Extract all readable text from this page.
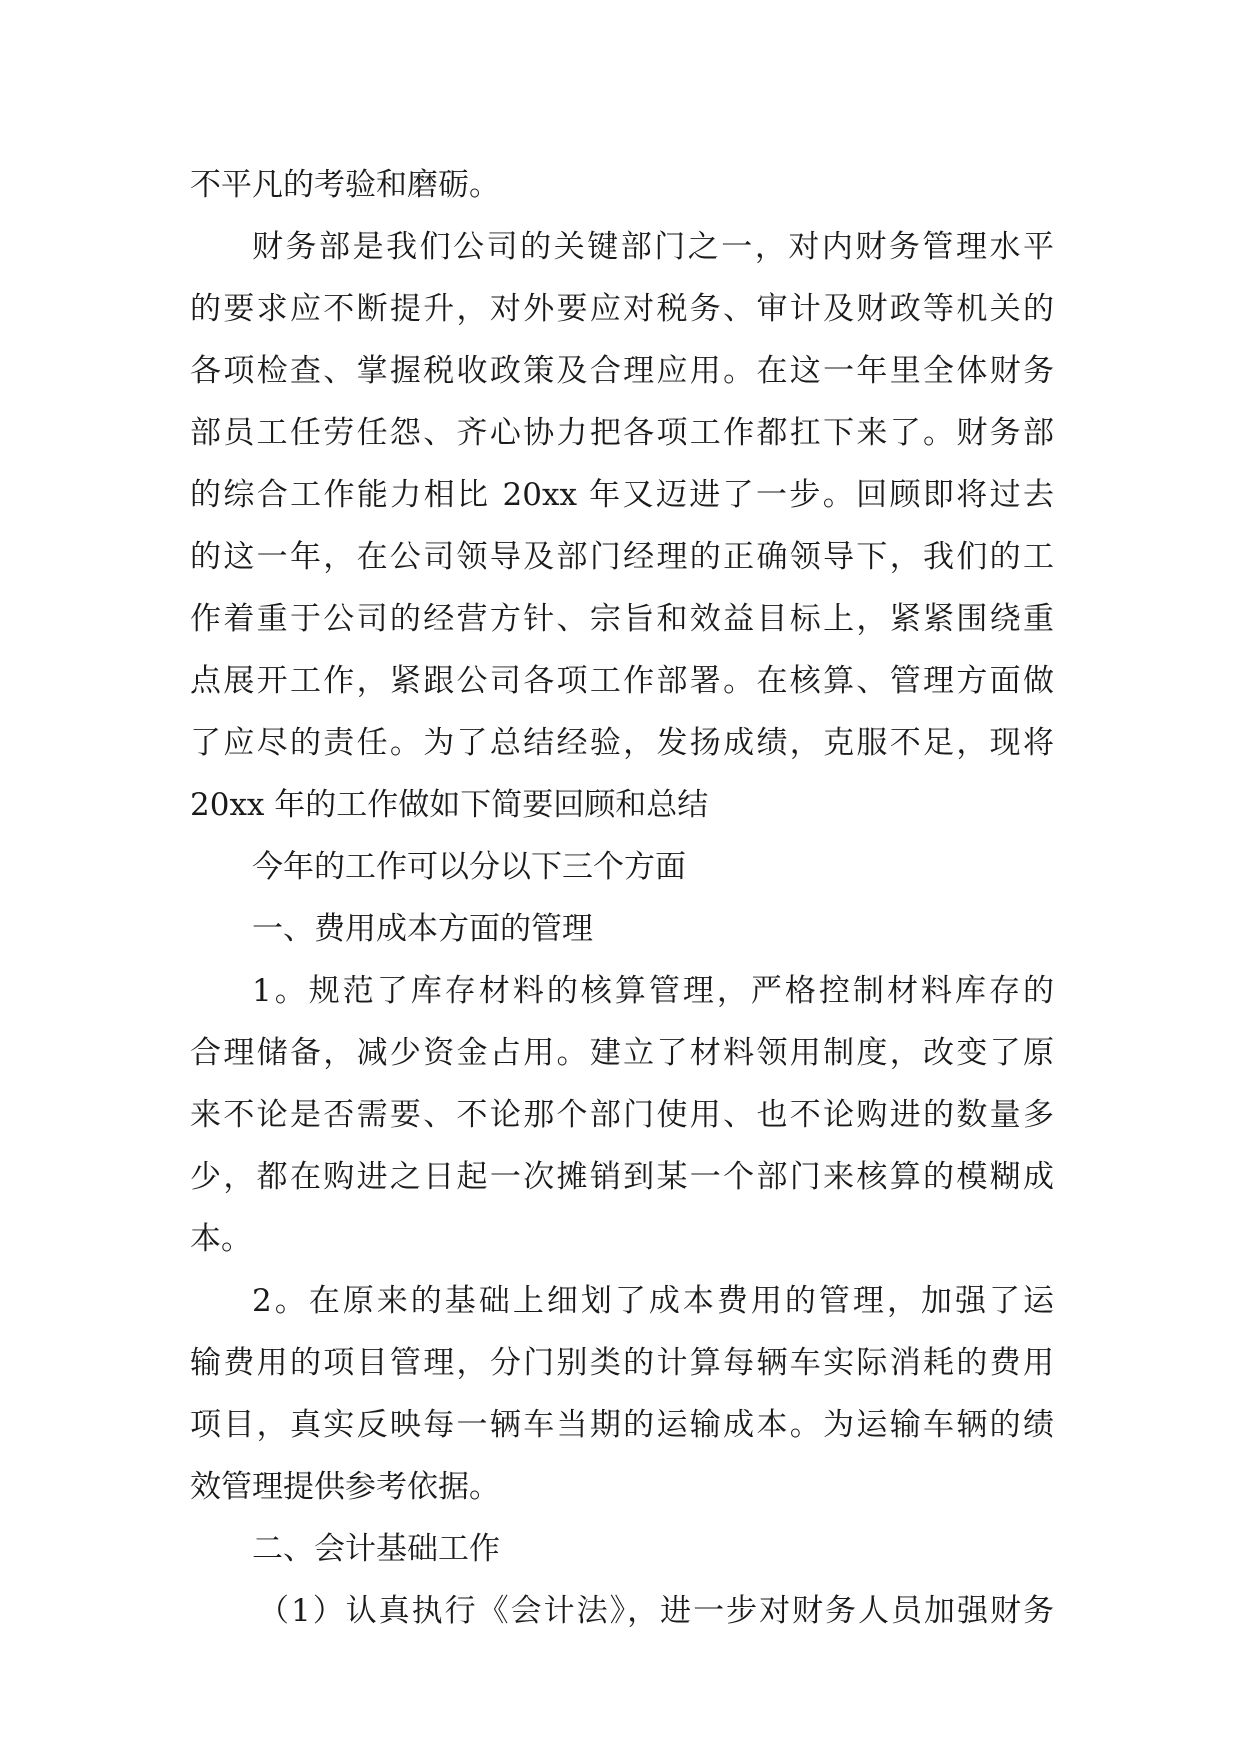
不平凡的考验和磨砺。
财务部是我们公司的关键部门之一，对内财务管理水平
的要求应不断提升，对外要应对税务、审计及财政等机关的
各项检查、掌握税收政策及合理应用。在这一年里全体财务
部员工任劳任怨、齐心协力把各项工作都扛下来了。财务部
的综合工作能力相比 20xx 年又迈进了一步。回顾即将过去
的这一年，在公司领导及部门经理的正确领导下，我们的工
作着重于公司的经营方针、宗旨和效益目标上，紧紧围绕重
点展开工作，紧跟公司各项工作部署。在核算、管理方面做
了应尽的责任。为了总结经验，发扬成绩，克服不足，现将
20xx 年的工作做如下简要回顾和总结
今年的工作可以分以下三个方面
一、费用成本方面的管理
1。规范了库存材料的核算管理，严格控制材料库存的
合理储备，减少资金占用。建立了材料领用制度，改变了原
来不论是否需要、不论那个部门使用、也不论购进的数量多
少，都在购进之日起一次摊销到某一个部门来核算的模糊成
本。
2。在原来的基础上细划了成本费用的管理，加强了运
输费用的项目管理，分门别类的计算每辆车实际消耗的费用
项目，真实反映每一辆车当期的运输成本。为运输车辆的绩
效管理提供参考依据。
二、会计基础工作
（1）认真执行《会计法》，进一步对财务人员加强财务
